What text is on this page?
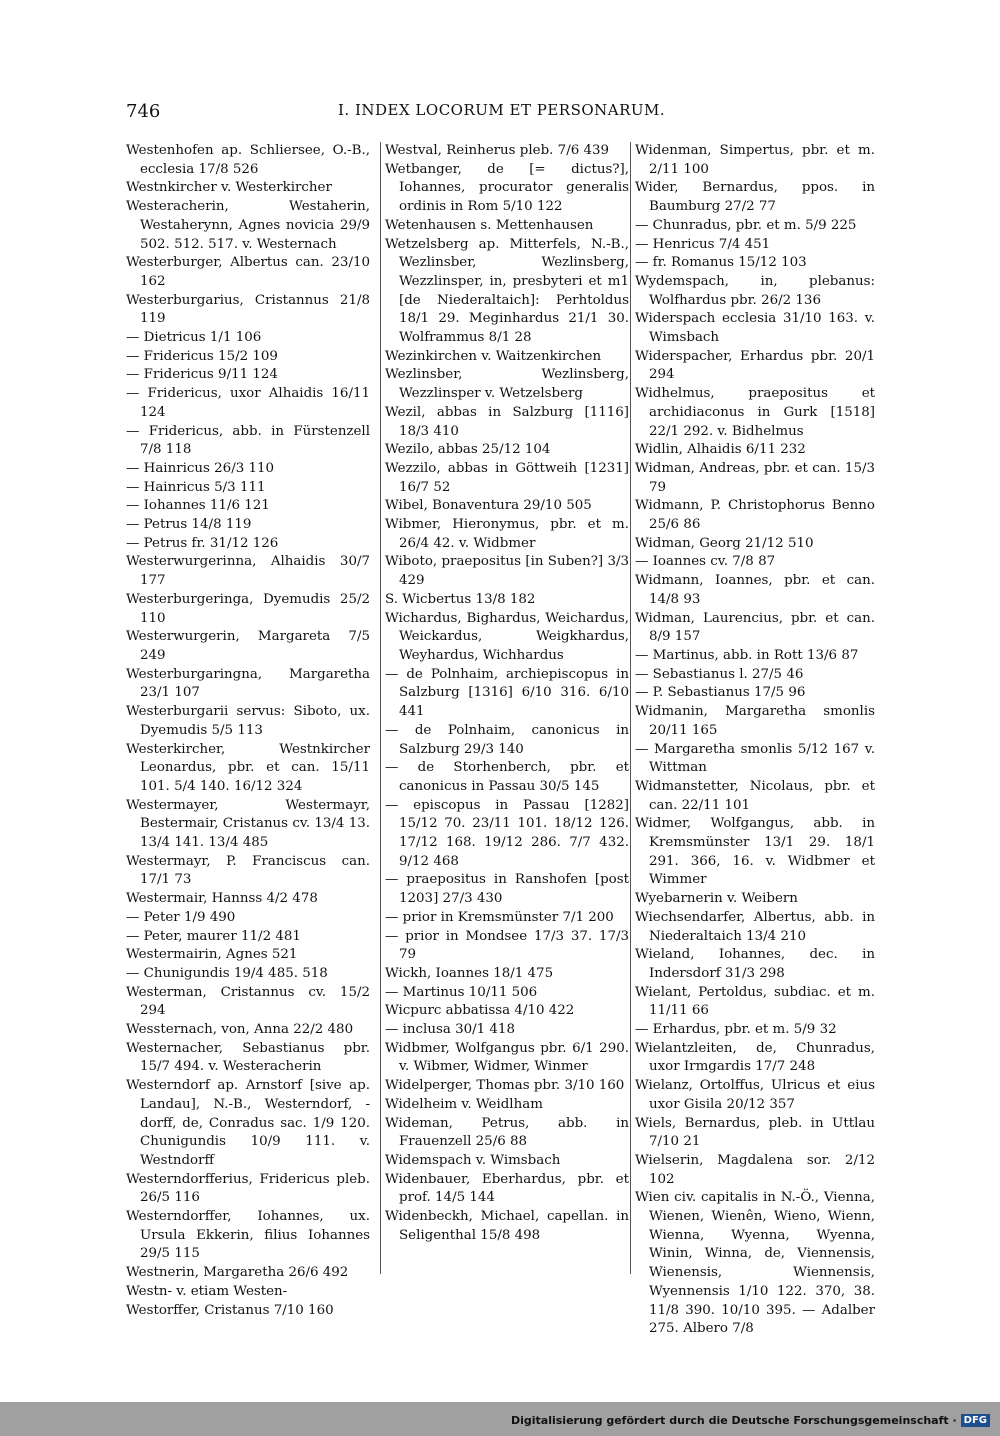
746	I. INDEX LOCORUM ET PERSONARUM.

Westenhofen ap. Schliersee, O.-B., ecclesia 17/8 526

Westnkircher v. Westerkircher

Westeracherin, Westaherin, Westaherynn, Agnes novicia 29/9 502. 512. 517. v. Westernach

Westerburger, Albertus can. 23/10 162

Westerburgarius, Cristannus 21/8 119

— Dietricus 1/1 106

— Fridericus 15/2 109

— Fridericus 9/11 124

— Fridericus, uxor Alhaidis 16/11 124

— Fridericus, abb. in Fürstenzell 7/8 118

— Hainricus 26/3 110

— Hainricus 5/3 111

— Iohannes 11/6 121

— Petrus 14/8 119

— Petrus fr. 31/12 126

Westerwurgerinna, Alhaidis 30/7 177

Westerburgeringa, Dyemudis 25/2 110

Westerwurgerin, Margareta 7/5 249

Westerburgaringna, Margaretha 23/1 107

Westerburgarii servus: Siboto, ux. Dyemudis 5/5 113

Westerkircher, Westnkircher Leonardus, pbr. et can. 15/11 101. 5/4 140. 16/12 324

Westermayer, Westermayr, Bestermair, Cristanus cv. 13/4 13. 13/4 141. 13/4 485

Westermayr, P. Franciscus can. 17/1 73

Westermair, Hannss 4/2 478

— Peter 1/9 490

— Peter, maurer 11/2 481

Westermairin, Agnes 521

— Chunigundis 19/4 485. 518

Westerman, Cristannus cv. 15/2 294

Wessternach, von, Anna 22/2 480

Westernacher, Sebastianus pbr. 15/7 494. v. Westeracherin

Westerndorf ap. Arnstorf [sive ap. Landau], N.-B., Westerndorf, -dorff, de, Conradus sac. 1/9 120. Chunigundis 10/9 111. v. Westndorff

Westerndorfferius, Fridericus pleb. 26/5 116

Westerndorffer, Iohannes, ux. Ursula Ekkerin, filius Iohannes 29/5 115

Westnerin, Margaretha 26/6 492

Westn- v. etiam Westen-

Westorffer, Cristanus 7/10 160

Westval, Reinherus pleb. 7/6 439

Wetbanger, de [= dictus?], Iohannes, procurator generalis ordinis in Rom 5/10 122

Wetenhausen s. Mettenhausen

Wetzelsberg ap. Mitterfels, N.-B., Wezlinsber, Wezlinsberg, Wezzlinsper, in, presbyteri et m1 [de Niederaltaich]: Perhtoldus 18/1 29. Meginhardus 21/1 30. Wolframmus 8/1 28

Wezinkirchen v. Waitzenkirchen

Wezlinsber, Wezlinsberg, Wezzlinsper v. Wetzelsberg

Wezil, abbas in Salzburg [1116] 18/3 410

Wezilo, abbas 25/12 104

Wezzilo, abbas in Göttweih [1231] 16/7 52

Wibel, Bonaventura 29/10 505

Wibmer, Hieronymus, pbr. et m. 26/4 42. v. Widbmer

Wiboto, praepositus [in Suben?] 3/3 429

S. Wicbertus 13/8 182

Wichardus, Bighardus, Weichardus, Weickardus, Weigkhardus, Weyhardus, Wichhardus

— de Polnhaim, archiepiscopus in Salzburg [1316] 6/10 316. 6/10 441

— de Polnhaim, canonicus in Salzburg 29/3 140

— de Storhenberch, pbr. et canonicus in Passau 30/5 145

— episcopus in Passau [1282] 15/12 70. 23/11 101. 18/12 126. 17/12 168. 19/12 286. 7/7 432. 9/12 468

— praepositus in Ranshofen [post 1203] 27/3 430

— prior in Kremsmünster 7/1 200

— prior in Mondsee 17/3 37. 17/3 79

Wickh, Ioannes 18/1 475

— Martinus 10/11 506

Wicpurc abbatissa 4/10 422

— inclusa 30/1 418

Widbmer, Wolfgangus pbr. 6/1 290. v. Wibmer, Widmer, Winmer

Widelperger, Thomas pbr. 3/10 160

Widelheim v. Weidlham

Wideman, Petrus, abb. in Frauenzell 25/6 88

Widemspach v. Wimsbach

Widenbauer, Eberhardus, pbr. et prof. 14/5 144

Widenbeckh, Michael, capellan. in Seligenthal 15/8 498

Widenman, Simpertus, pbr. et m. 2/11 100

Wider, Bernardus, ppos. in Baumburg 27/2 77

— Chunradus, pbr. et m. 5/9 225

— Henricus 7/4 451

— fr. Romanus 15/12 103

Wydemspach, in, plebanus: Wolfhardus pbr. 26/2 136

Widerspach ecclesia 31/10 163. v. Wimsbach

Widerspacher, Erhardus pbr. 20/1 294

Widhelmus, praepositus et archidiaconus in Gurk [1518] 22/1 292. v. Bidhelmus

Widlin, Alhaidis 6/11 232

Widman, Andreas, pbr. et can. 15/3 79

Widmann, P. Christophorus Benno 25/6 86

Widman, Georg 21/12 510

— Ioannes cv. 7/8 87

Widmann, Ioannes, pbr. et can. 14/8 93

Widman, Laurencius, pbr. et can. 8/9 157

— Martinus, abb. in Rott 13/6 87

— Sebastianus l. 27/5 46

— P. Sebastianus 17/5 96

Widmanin, Margaretha smonlis 20/11 165

— Margaretha smonlis 5/12 167 v. Wittman

Widmanstetter, Nicolaus, pbr. et can. 22/11 101

Widmer, Wolfgangus, abb. in Kremsmünster 13/1 29. 18/1 291. 366, 16. v. Widbmer et Wimmer

Wyebarnerin v. Weibern

Wiechsendarfer, Albertus, abb. in Niederaltaich 13/4 210

Wieland, Iohannes, dec. in Indersdorf 31/3 298

Wielant, Pertoldus, subdiac. et m. 11/11 66

— Erhardus, pbr. et m. 5/9 32

Wielantzleiten, de, Chunradus, uxor Irmgardis 17/7 248

Wielanz, Ortolffus, Ulricus et eius uxor Gisila 20/12 357

Wiels, Bernardus, pleb. in Uttlau 7/10 21

Wielserin, Magdalena sor. 2/12 102

Wien civ. capitalis in N.-Ö., Vienna, Wienen, Wienên, Wieno, Wienn, Wienna, Wyenna, Wyenna, Winin, Winna, de, Viennensis, Wienensis, Wiennensis, Wyennensis 1/10 122. 370, 38. 11/8 390. 10/10 395. — Adalber 275. Albero 7/8

Digitalisierung gefördert durch die Deutsche Forschungsgemeinschaft · DFG
